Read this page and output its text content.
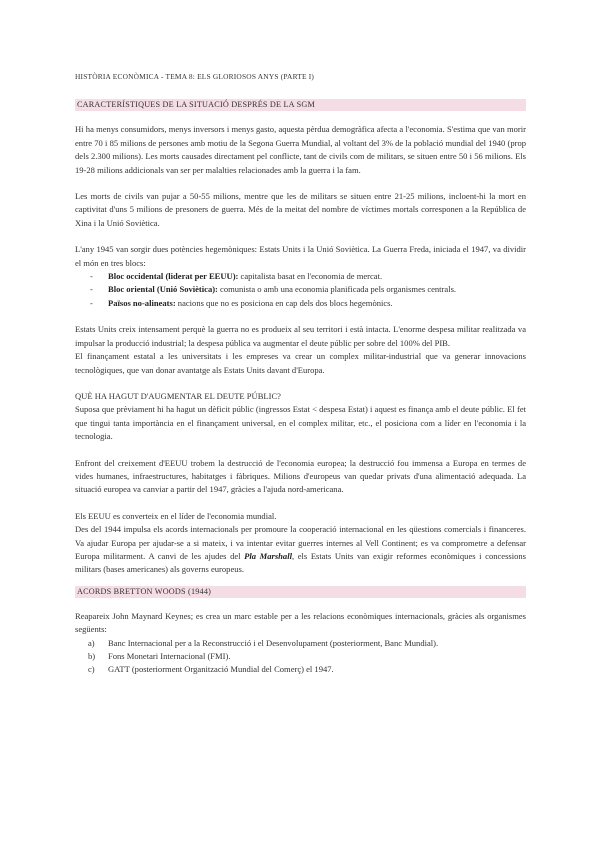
HISTÒRIA ECONÒMICA - TEMA 8: ELS GLORIOSOS ANYS (PARTE I)
CARACTERÍSTIQUES DE LA SITUACIÓ DESPRÉS DE LA SGM

Hi ha menys consumidors, menys inversors i menys gasto, aquesta pèrdua demogràfica afecta a l'economia. S'estima que van morir entre 70 i 85 milions de persones amb motiu de la Segona Guerra Mundial, al voltant del 3% de la població mundial del 1940 (prop dels 2.300 milions). Les morts causades directament pel conflicte, tant de civils com de militars, se situen entre 50 i 56 milions. Els 19-28 milions addicionals van ser per malalties relacionades amb la guerra i la fam.

Les morts de civils van pujar a 50-55 milions, mentre que les de militars se situen entre 21-25 milions, incloent-hi la mort en captivitat d'uns 5 milions de presoners de guerra. Més de la meitat del nombre de víctimes mortals corresponen a la República de Xina i la Unió Soviètica.

L'any 1945 van sorgir dues potències hegemòniques: Estats Units i la Unió Soviètica. La Guerra Freda, iniciada el 1947, va dividir el món en tres blocs:

- Bloc occidental (liderat per EEUU): capitalista basat en l'economia de mercat.
- Bloc oriental (Unió Soviètica): comunista o amb una economia planificada pels organismes centrals.
- Països no-alineats: nacions que no es posiciona en cap dels dos blocs hegemònics.

Estats Units creix intensament perquè la guerra no es produeix al seu territori i està intacta. L'enorme despesa militar realitzada va impulsar la producció industrial; la despesa pública va augmentar el deute públic per sobre del 100% del PIB.

El finançament estatal a les universitats i les empreses va crear un complex militar-industrial que va generar innovacions tecnològiques, que van donar avantatge als Estats Units davant d'Europa.

QUÈ HA HAGUT D'AUGMENTAR EL DEUTE PÚBLIC?

Suposa que prèviament hi ha hagut un dèficit públic (ingressos Estat < despesa Estat) i aquest es finança amb el deute públic. El fet que tingui tanta importància en el finançament universal, en el complex militar, etc., el posiciona com a líder en l'economia i la tecnologia.

Enfront del creixement d'EEUU trobem la destrucció de l'economia europea; la destrucció fou immensa a Europa en termes de vides humanes, infraestructures, habitatges i fàbriques. Milions d'europeus van quedar privats d'una alimentació adequada. La situació europea va canviar a partir del 1947, gràcies a l'ajuda nord-americana.

Els EEUU es converteix en el líder de l'economia mundial.

Des del 1944 impulsa els acords internacionals per promoure la cooperació internacional en les qüestions comercials i financeres. Va ajudar Europa per ajudar-se a si mateix, i va intentar evitar guerres internes al Vell Continent; es va comprometre a defensar Europa militarment. A canvi de les ajudes del Pla Marshall, els Estats Units van exigir reformes econòmiques i concessions militars (bases americanes) als governs europeus.

ACORDS BRETTON WOODS (1944)

Reapareix John Maynard Keynes; es crea un marc estable per a les relacions econòmiques internacionals, gràcies als organismes següents:

a) Banc Internacional per a la Reconstrucció i el Desenvolupament (posteriorment, Banc Mundial).
b) Fons Monetari Internacional (FMI).
c) GATT (posteriorment Organització Mundial del Comerç) el 1947.
